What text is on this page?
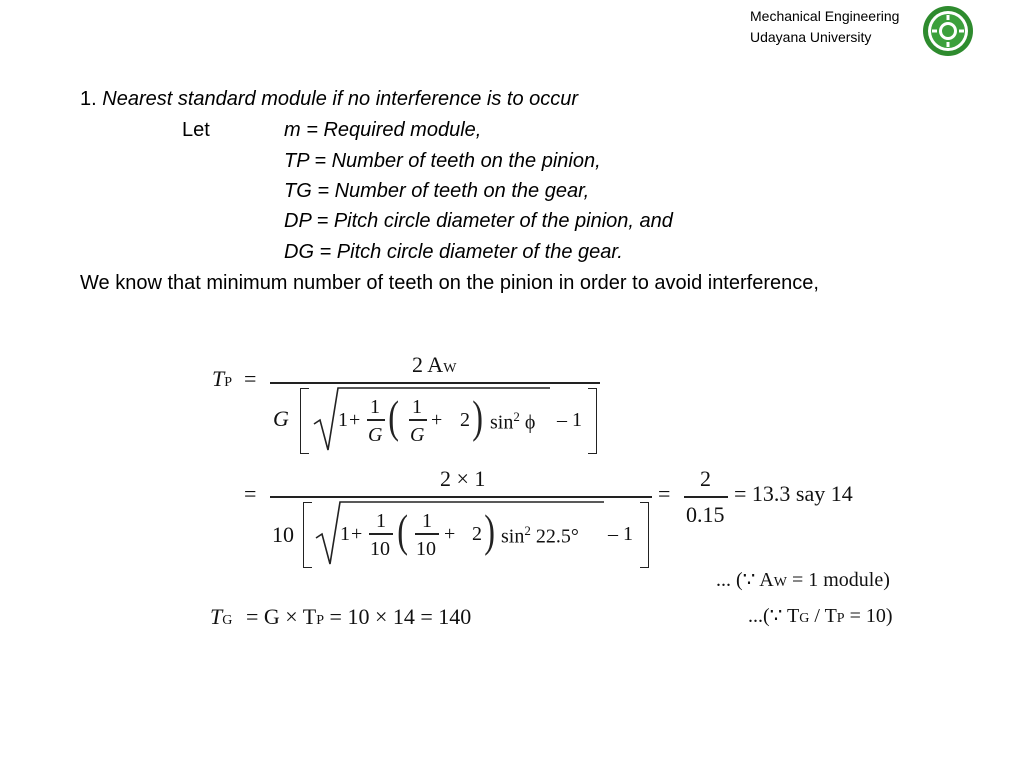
Mechanical Engineering
Udayana University
1. Nearest standard module if no interference is to occur
Let	m = Required module,
TP = Number of teeth on the pinion,
TG = Number of teeth on the gear,
DP = Pitch circle diameter of the pinion, and
DG = Pitch circle diameter of the gear.
We know that minimum number of teeth on the pinion in order to avoid interference,
TP =
2 AW
G 1 +
1
G ( 1
G
+ 2 ) $\sin^2 \phi - 1$
=
2 × 1
10 1 +
1
10 ( 1
10
+ 2 ) $\sin^2 22.5^\circ - 1$
=
2
0.15
= 13.3 say 14
... (∵ AW = 1 module)
TG = G × TP = 10 × 14 = 140	...(∵ TG / TP = 10)
